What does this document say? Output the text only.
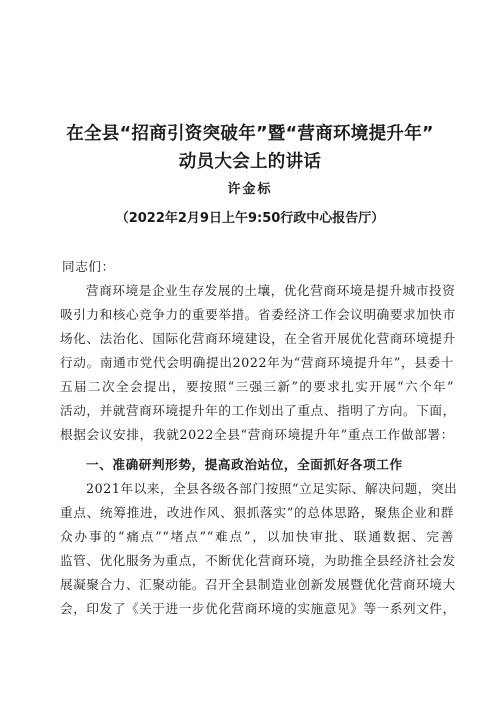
在全县“招商引资突破年”暨“营商环境提升年”
动员大会上的讲话
许金标
（2022年2月9日上午9:50行政中心报告厅）
同志们：
营商环境是企业生存发展的土壤，优化营商环境是提升城市投资
吸引力和核心竞争力的重要举措。省委经济工作会议明确要求加快市
场化、法治化、国际化营商环境建设，在全省开展优化营商环境提升
行动。南通市党代会明确提出2022年为“营商环境提升年”，县委十
五届二次全会提出，要按照“三强三新”的要求扎实开展“六个年”
活动，并就营商环境提升年的工作划出了重点、指明了方向。下面，
根据会议安排，我就2022全县“营商环境提升年”重点工作做部署：
一、准确研判形势，提高政治站位，全面抓好各项工作
2021年以来，全县各级各部门按照“立足实际、解决问题，突出
重点、统筹推进，改进作风、狠抓落实”的总体思路，聚焦企业和群
众办事的“痛点”“堵点”“难点”，以加快审批、联通数据、完善
监管、优化服务为重点，不断优化营商环境，为助推全县经济社会发
展凝聚合力、汇聚动能。召开全县制造业创新发展暨优化营商环境大
会，印发了《关于进一步优化营商环境的实施意见》等一系列文件，
